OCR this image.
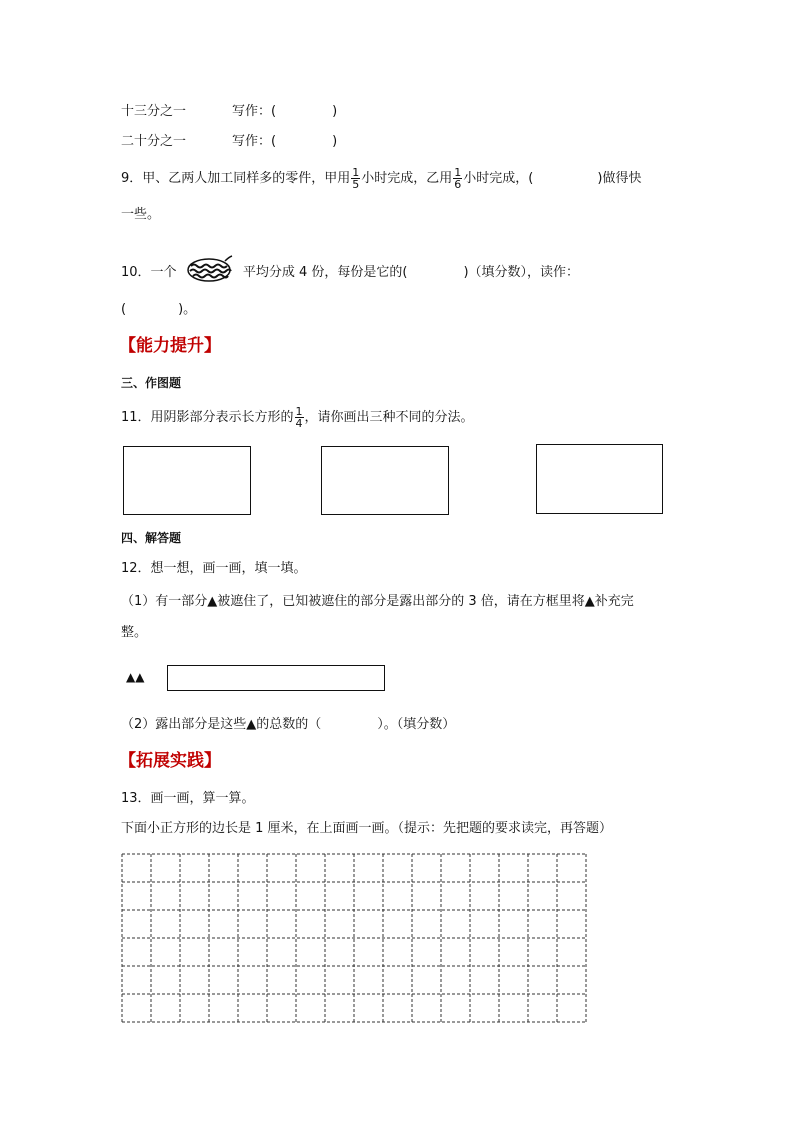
十三分之一	写作：(	)
二十分之一	写作：(	)
9．甲、乙两人加工同样多的零件，甲用 $\frac{1}{5}$ 小时完成，乙用 $\frac{1}{6}$ 小时完成，(	)做得快
一些。
10．一个	平均分成 4 份，每份是它的(	)（填分数），读作：
(	)。
【能力提升】
三、作图题
11．用阴影部分表示长方形的 $\frac{1}{4}$ ，请你画出三种不同的分法。
四、解答题
12．想一想，画一画，填一填。
（1）有一部分▲被遮住了，已知被遮住的部分是露出部分的 3 倍，请在方框里将▲补充完
整。
▲▲
（2）露出部分是这些▲的总数的（	）。（填分数）
【拓展实践】
13．画一画，算一算。
下面小正方形的边长是 1 厘米，在上面画一画。（提示：先把题的要求读完，再答题）
